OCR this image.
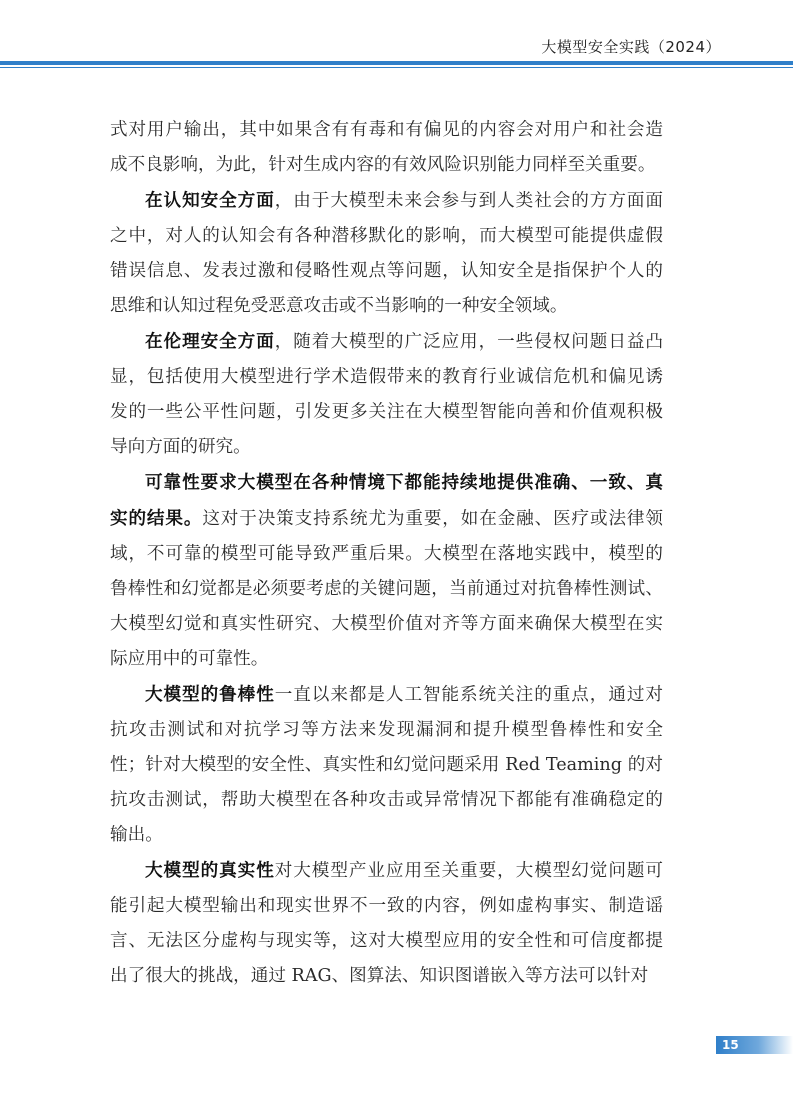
大模型安全实践（2024）
式对用户输出，其中如果含有有毒和有偏见的内容会对用户和社会造
成不良影响，为此，针对生成内容的有效风险识别能力同样至关重要。
在认知安全方面，由于大模型未来会参与到人类社会的方方面面
之中，对人的认知会有各种潜移默化的影响，而大模型可能提供虚假
错误信息、发表过激和侵略性观点等问题，认知安全是指保护个人的
思维和认知过程免受恶意攻击或不当影响的一种安全领域。
在伦理安全方面，随着大模型的广泛应用，一些侵权问题日益凸
显，包括使用大模型进行学术造假带来的教育行业诚信危机和偏见诱
发的一些公平性问题，引发更多关注在大模型智能向善和价值观积极
导向方面的研究。
可靠性要求大模型在各种情境下都能持续地提供准确、一致、真
实的结果。这对于决策支持系统尤为重要，如在金融、医疗或法律领
域，不可靠的模型可能导致严重后果。大模型在落地实践中，模型的
鲁棒性和幻觉都是必须要考虑的关键问题，当前通过对抗鲁棒性测试、
大模型幻觉和真实性研究、大模型价值对齐等方面来确保大模型在实
际应用中的可靠性。
大模型的鲁棒性一直以来都是人工智能系统关注的重点，通过对
抗攻击测试和对抗学习等方法来发现漏洞和提升模型鲁棒性和安全
性；针对大模型的安全性、真实性和幻觉问题采用 Red Teaming 的对
抗攻击测试，帮助大模型在各种攻击或异常情况下都能有准确稳定的
输出。
大模型的真实性对大模型产业应用至关重要，大模型幻觉问题可
能引起大模型输出和现实世界不一致的内容，例如虚构事实、制造谣
言、无法区分虚构与现实等，这对大模型应用的安全性和可信度都提
出了很大的挑战，通过 RAG、图算法、知识图谱嵌入等方法可以针对
15
